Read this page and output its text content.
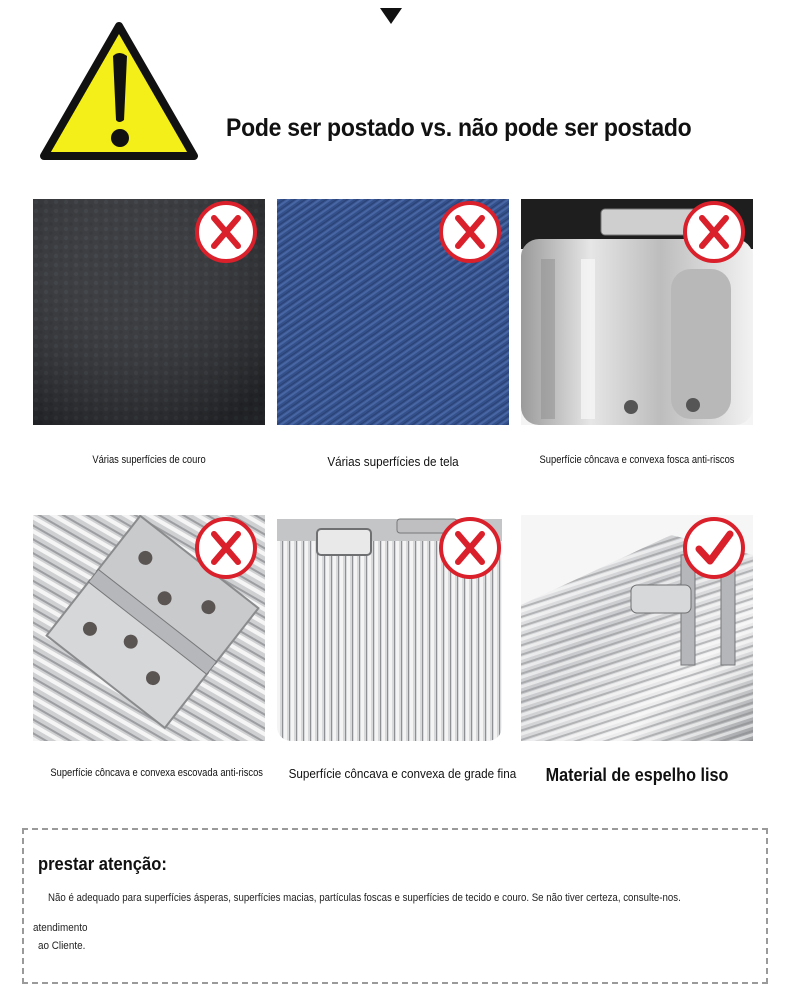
Pode ser postado vs. não pode ser postado
Várias superfícies de couro	Várias superfícies de tela	Superfície côncava e convexa fosca anti-riscos
Superfície côncava e convexa escovada anti-riscos Superfície côncava e convexa de grade fina	Material de espelho liso
prestar atenção:
Não é adequado para superfícies ásperas, superfícies macias, partículas foscas e superfícies de tecido e couro. Se não tiver certeza, consulte-nos.
atendimento
ao Cliente.
